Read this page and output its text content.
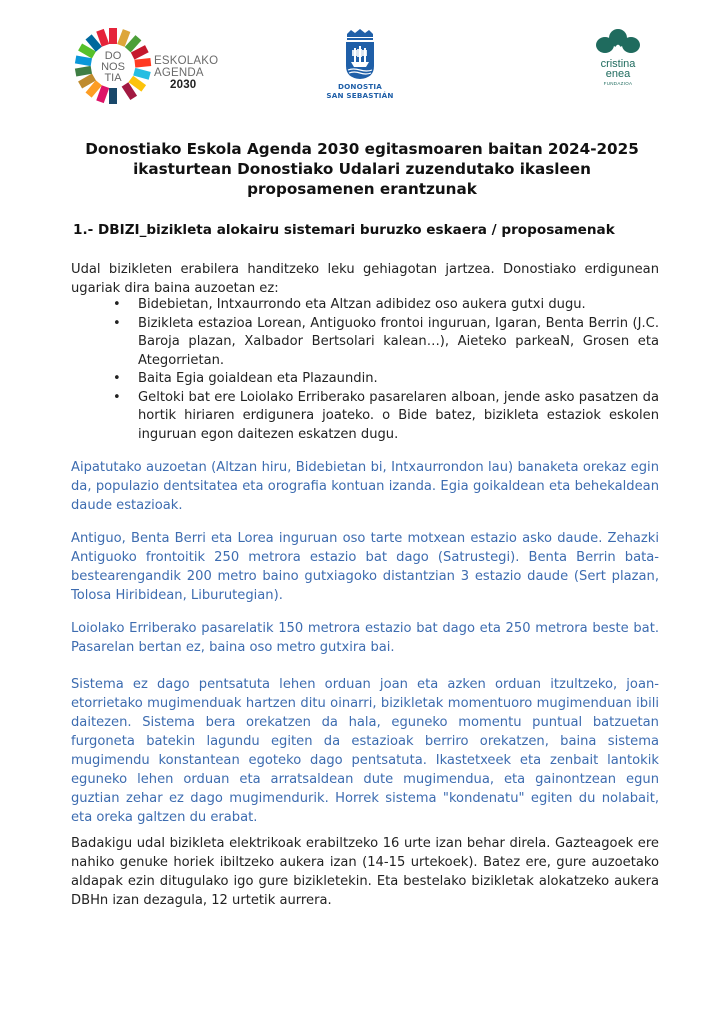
DO
NOS
TIA
ESKOLAKO
AGENDA
2030	DONOSTIA
SAN SEBASTIÁN
cristina
enea
FUNDAZIOA
Donostiako Eskola Agenda 2030 egitasmoaren baitan 2024-2025
ikasturtean Donostiako Udalari zuzendutako ikasleen
proposamenen erantzunak
1.- DBIZI_bizikleta alokairu sistemari buruzko eskaera / proposamenak

Udal bizikleten erabilera handitzeko leku gehiagotan jartzea. Donostiako erdigunean ugariak dira baina auzoetan ez:

• Bidebietan, Intxaurrondo eta Altzan adibidez oso aukera gutxi dugu.
• Bizikleta estazioa Lorean, Antiguoko frontoi inguruan, Igaran, Benta Berrin (J.C. Baroja plazan, Xalbador Bertsolari kalean…), Aieteko parkeaN, Grosen eta Ategorrietan.
• Baita Egia goialdean eta Plazaundin.
• Geltoki bat ere Loiolako Erriberako pasarelaren alboan, jende asko pasatzen da hortik hiriaren erdigunera joateko. o Bide batez, bizikleta estaziok eskolen inguruan egon daitezen eskatzen dugu.

Aipatutako auzoetan (Altzan hiru, Bidebietan bi, Intxaurrondon lau) banaketa orekaz egin da, populazio dentsitatea eta orografia kontuan izanda. Egia goikaldean eta behekaldean daude estazioak.

Antiguo, Benta Berri eta Lorea inguruan oso tarte motxean estazio asko daude. Zehazki Antiguoko frontoitik 250 metrora estazio bat dago (Satrustegi). Benta Berrin bata-bestearengandik 200 metro baino gutxiagoko distantzian 3 estazio daude (Sert plazan, Tolosa Hiribidean, Liburutegian).

Loiolako Erriberako pasarelatik 150 metrora estazio bat dago eta 250 metrora beste bat. Pasarelan bertan ez, baina oso metro gutxira bai.

Sistema ez dago pentsatuta lehen orduan joan eta azken orduan itzultzeko, joan-etorrietako mugimenduak hartzen ditu oinarri, bizikletak momentuoro mugimenduan ibili daitezen. Sistema bera orekatzen da hala, eguneko momentu puntual batzuetan furgoneta batekin lagundu egiten da estazioak berriro orekatzen, baina sistema mugimendu konstantean egoteko dago pentsatuta. Ikastetxeek eta zenbait lantokik eguneko lehen orduan eta arratsaldean dute mugimendua, eta gainontzean egun guztian zehar ez dago mugimendurik. Horrek sistema "kondenatu" egiten du nolabait, eta oreka galtzen du erabat.

Badakigu udal bizikleta elektrikoak erabiltzeko 16 urte izan behar direla. Gazteagoek ere nahiko genuke horiek ibiltzeko aukera izan (14-15 urtekoek). Batez ere, gure auzoetako aldapak ezin ditugulako igo gure bizikletekin. Eta bestelako bizikletak alokatzeko aukera DBHn izan dezagula, 12 urtetik aurrera.
